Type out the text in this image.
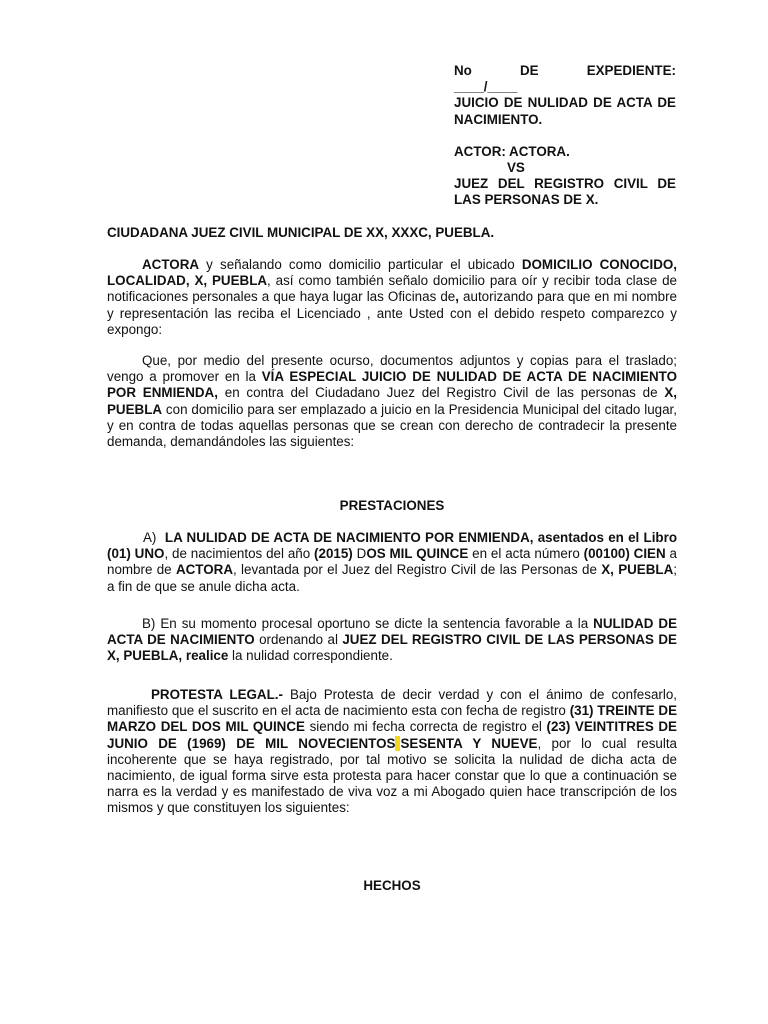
No	DE	EXPEDIENTE:

____/____

JUICIO DE NULIDAD DE ACTA DE NACIMIENTO.

ACTOR: ACTORA.

VS

JUEZ DEL REGISTRO CIVIL DE LAS PERSONAS DE X.

CIUDADANA JUEZ CIVIL MUNICIPAL DE XX, XXXC, PUEBLA.

ACTORA y señalando como domicilio particular el ubicado DOMICILIO CONOCIDO, LOCALIDAD, X, PUEBLA, así como también señalo domicilio para oír y recibir toda clase de notificaciones personales a que haya lugar las Oficinas de, autorizando para que en mi nombre y representación las reciba el Licenciado , ante Usted con el debido respeto comparezco y expongo:

Que, por medio del presente ocurso, documentos adjuntos y copias para el traslado; vengo a promover en la VÍA ESPECIAL JUICIO DE NULIDAD DE ACTA DE NACIMIENTO POR ENMIENDA, en contra del Ciudadano Juez del Registro Civil de las personas de X, PUEBLA con domicilio para ser emplazado a juicio en la Presidencia Municipal del citado lugar, y en contra de todas aquellas personas que se crean con derecho de contradecir la presente demanda, demandándoles las siguientes:

PRESTACIONES

A) LA NULIDAD DE ACTA DE NACIMIENTO POR ENMIENDA, asentados en el Libro (01) UNO, de nacimientos del año (2015) DOS MIL QUINCE en el acta número (00100) CIEN a nombre de ACTORA, levantada por el Juez del Registro Civil de las Personas de X, PUEBLA; a fin de que se anule dicha acta.

B) En su momento procesal oportuno se dicte la sentencia favorable a la NULIDAD DE ACTA DE NACIMIENTO ordenando al JUEZ DEL REGISTRO CIVIL DE LAS PERSONAS DE X, PUEBLA, realice la nulidad correspondiente.

PROTESTA LEGAL.- Bajo Protesta de decir verdad y con el ánimo de confesarlo, manifiesto que el suscrito en el acta de nacimiento esta con fecha de registro (31) TREINTE DE MARZO DEL DOS MIL QUINCE siendo mi fecha correcta de registro el (23) VEINTITRES DE JUNIO DE (1969) DE MIL NOVECIENTOS SESENTA Y NUEVE, por lo cual resulta incoherente que se haya registrado, por tal motivo se solicita la nulidad de dicha acta de nacimiento, de igual forma sirve esta protesta para hacer constar que lo que a continuación se narra es la verdad y es manifestado de viva voz a mi Abogado quien hace transcripción de los mismos y que constituyen los siguientes:

HECHOS
